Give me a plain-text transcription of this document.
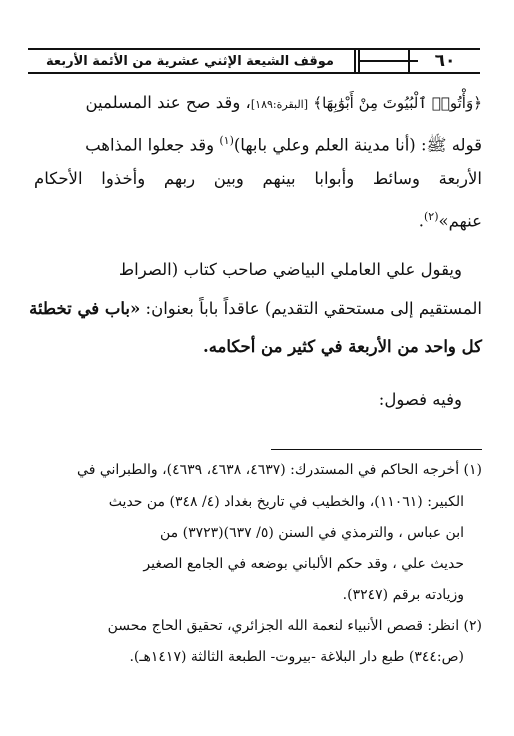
موقف الشيعة الإثني عشرية من الأئمة الأربعة	٦٠
﴿وَأْتُوا۟ ٱلْبُيُوتَ مِنْ أَبْوَٰبِهَا﴾ [البقرة:١٨٩]، وقد صح عند المسلمين
قوله ﷺ: (أنا مدينة العلم وعلي بابها)$^{(١)}$ وقد جعلوا المذاهب
الأربعة وسائط وأبوابا بينهم وبين ربهم وأخذوا الأحكام
عنهم»$^{(٢)}$.
ويقول علي العاملي البياضي صاحب كتاب (الصراط
المستقيم إلى مستحقي التقديم) عاقداً باباً بعنوان: «باب في تخطئة
كل واحد من الأربعة في كثير من أحكامه.
وفيه فصول:
(١) أخرجه الحاكم في المستدرك: (٤٦٣٧، ٤٦٣٨، ٤٦٣٩)، والطبراني في
الكبير: (١١٠٦١)، والخطيب في تاريخ بغداد (٤/ ٣٤٨) من حديث
ابن عباس ، والترمذي في السنن (٥/ ٦٣٧)(٣٧٢٣) من
حديث علي ، وقد حكم الألباني بوضعه في الجامع الصغير
وزيادته برقم (٣٢٤٧).
(٢) انظر: قصص الأنبياء لنعمة الله الجزائري، تحقيق الحاج محسن
(ص:٣٤٤) طبع دار البلاغة -بيروت- الطبعة الثالثة (١٤١٧هـ).
